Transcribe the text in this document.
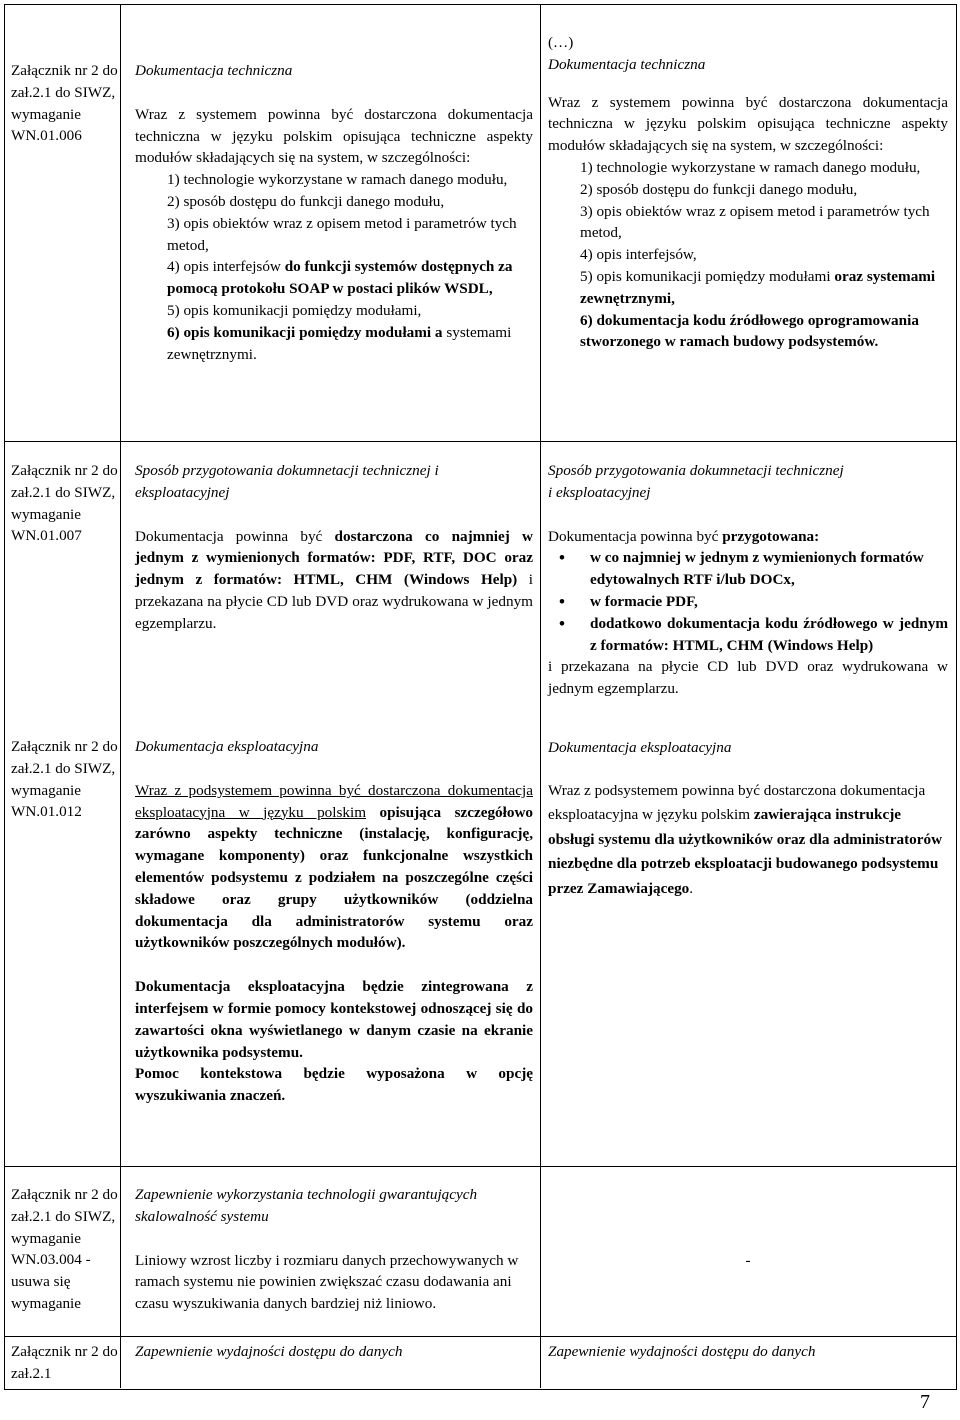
Załącznik nr 2 do zał.2.1 do SIWZ, wymaganie WN.01.006

Dokumentacja techniczna

Wraz z systemem powinna być dostarczona dokumentacja techniczna w języku polskim opisująca techniczne aspekty modułów składających się na system, w szczególności:

1) technologie wykorzystane w ramach danego modułu,

2) sposób dostępu do funkcji danego modułu,

3) opis obiektów wraz z opisem metod i parametrów tych metod,

4) opis interfejsów do funkcji systemów dostępnych za pomocą protokołu SOAP w postaci plików WSDL,

5) opis komunikacji pomiędzy modułami,

6) opis komunikacji pomiędzy modułami a systemami zewnętrznymi.

(…)

Dokumentacja techniczna

Wraz z systemem powinna być dostarczona dokumentacja techniczna w języku polskim opisująca techniczne aspekty modułów składających się na system, w szczególności:

1) technologie wykorzystane w ramach danego modułu,

2) sposób dostępu do funkcji danego modułu,

3) opis obiektów wraz z opisem metod i parametrów tych metod,

4) opis interfejsów,

5) opis komunikacji pomiędzy modułami oraz systemami zewnętrznymi,

6) dokumentacja kodu źródłowego oprogramowania stworzonego w ramach budowy podsystemów.

Załącznik nr 2 do zał.2.1 do SIWZ, wymaganie WN.01.007

Sposób przygotowania dokumnetacji technicznej i eksploatacyjnej

Dokumentacja powinna być dostarczona co najmniej w jednym z wymienionych formatów: PDF, RTF, DOC oraz jednym z formatów: HTML, CHM (Windows Help) i przekazana na płycie CD lub DVD oraz wydrukowana w jednym egzemplarzu.

Sposób przygotowania dokumnetacji technicznej

i eksploatacyjnej

Dokumentacja powinna być przygotowana:

• w co najmniej w jednym z wymienionych formatów edytowalnych RTF i/lub DOCx,
• w formacie PDF,
• dodatkowo dokumentacja kodu źródłowego w jednym z formatów: HTML, CHM (Windows Help)

i przekazana na płycie CD lub DVD oraz wydrukowana w jednym egzemplarzu.

Załącznik nr 2 do zał.2.1 do SIWZ, wymaganie WN.01.012

Dokumentacja eksploatacyjna

Wraz z podsystemem powinna być dostarczona dokumentacja eksploatacyjna w języku polskim opisująca szczegółowo zarówno aspekty techniczne (instalację, konfigurację, wymagane komponenty) oraz funkcjonalne wszystkich elementów podsystemu z podziałem na poszczególne części składowe oraz grupy użytkowników (oddzielna dokumentacja dla administratorów systemu oraz użytkowników poszczególnych modułów).

Dokumentacja eksploatacyjna będzie zintegrowana z interfejsem w formie pomocy kontekstowej odnoszącej się do zawartości okna wyświetlanego w danym czasie na ekranie użytkownika podsystemu.

Pomoc kontekstowa będzie wyposażona w opcję wyszukiwania znaczeń.

Dokumentacja eksploatacyjna

Wraz z podsystemem powinna być dostarczona dokumentacja eksploatacyjna w języku polskim zawierająca instrukcje obsługi systemu dla użytkowników oraz dla administratorów niezbędne dla potrzeb eksploatacji budowanego podsystemu przez Zamawiającego.

Załącznik nr 2 do zał.2.1 do SIWZ, wymaganie WN.03.004 -usuwa się wymaganie

Zapewnienie wykorzystania technologii gwarantujących skalowalność systemu

Liniowy wzrost liczby i rozmiaru danych przechowywanych w ramach systemu nie powinien zwiększać czasu dodawania ani czasu wyszukiwania danych bardziej niż liniowo.

-

Załącznik nr 2 do zał.2.1

Zapewnienie wydajności dostępu do danych	Zapewnienie wydajności dostępu do danych

7
